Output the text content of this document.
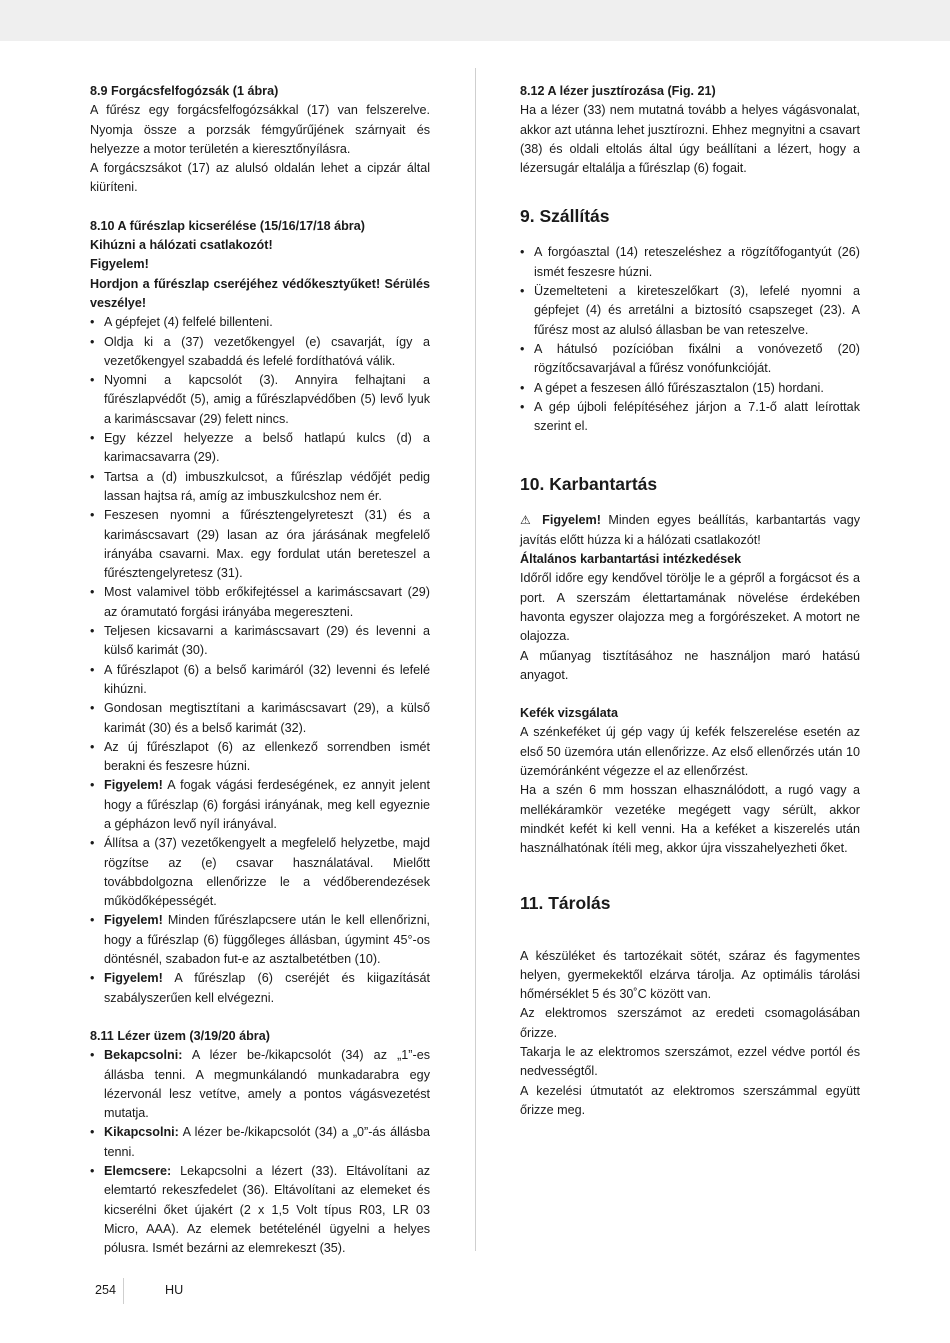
8.9 Forgácsfelfogózsák (1 ábra)

A fűrész egy forgácsfelfogózsákkal (17) van felszerelve. Nyomja össze a porzsák fémgyűrűjének szárnyait és helyezze a motor területén a kieresztőnyílásra.

A forgácszsákot (17) az alulsó oldalán lehet a cipzár által kiüríteni.

8.10 A fűrészlap kicserélése (15/16/17/18 ábra)

Kihúzni a hálózati csatlakozót!

Figyelem!

Hordjon a fűrészlap cseréjéhez védőkesztyűket! Sérülés veszélye!

• A gépfejet (4) felfelé billenteni.
• Oldja ki a (37) vezetőkengyel (e) csavarját, így a vezetőkengyel szabaddá és lefelé fordíthatóvá válik.
• Nyomni a kapcsolót (3). Annyira felhajtani a fűrészlapvédőt (5), amig a fűrészlapvédőben (5) levő lyuk a karimáscsavar (29) felett nincs.
• Egy kézzel helyezze a belső hatlapú kulcs (d) a karimacsavarra (29).
• Tartsa a (d) imbuszkulcsot, a fűrészlap védőjét pedig lassan hajtsa rá, amíg az imbuszkulcshoz nem ér.
• Feszesen nyomni a fűrésztengelyreteszt (31) és a karimáscsavart (29) lasan az óra járásának megfelelő irányába csavarni. Max. egy fordulat után bereteszel a fűrésztengelyretesz (31).
• Most valamivel több erőkifejtéssel a karimáscsavart (29) az óramutató forgási irányába megereszteni.
• Teljesen kicsavarni a karimáscsavart (29) és levenni a külső karimát (30).
• A fűrészlapot (6) a belső karimáról (32) levenni és lefelé kihúzni.
• Gondosan megtisztítani a karimáscsavart (29), a külső karimát (30) és a belső karimát (32).
• Az új fűrészlapot (6) az ellenkező sorrendben ismét berakni és feszesre húzni.
• Figyelem! A fogak vágási ferdeségének, ez annyit jelent hogy a fűrészlap (6) forgási irányának, meg kell egyeznie a gépházon levő nyíl irányával.
• Állítsa a (37) vezetőkengyelt a megfelelő helyzetbe, majd rögzítse az (e) csavar használatával. Mielőtt továbbdolgozna ellenőrizze le a védőberendezések működőképességét.
• Figyelem! Minden fűrészlapcsere után le kell ellenőrizni, hogy a fűrészlap (6) függőleges állásban, úgymint 45°-os döntésnél, szabadon fut-e az asztalbetétben (10).
• Figyelem! A fűrészlap (6) cseréjét és kiigazítását szabályszerűen kell elvégezni.

8.11 Lézer üzem (3/19/20 ábra)

• Bekapcsolni: A lézer be-/kikapcsolót (34) az „1”-es állásba tenni. A megmunkálandó munkadarabra egy lézervonál lesz vetítve, amely a pontos vágásvezetést mutatja.
• Kikapcsolni: A lézer be-/kikapcsolót (34) a „0”-ás állásba tenni.
• Elemcsere: Lekapcsolni a lézert (33). Eltávolítani az elemtartó rekeszfedelet (36). Eltávolítani az elemeket és kicserélni őket újakért (2 x 1,5 Volt típus R03, LR 03 Micro, AAA). Az elemek betételénél ügyelni a helyes pólusra. Ismét bezárni az elemrekeszt (35).

8.12 A lézer jusztírozása (Fig. 21)

Ha a lézer (33) nem mutatná tovább a helyes vágásvonalat, akkor azt utánna lehet jusztírozni. Ehhez megnyitni a csavart (38) és oldali eltolás által úgy beállítani a lézert, hogy a lézersugár eltalálja a fűrészlap (6) fogait.

9. Szállítás
• A forgóasztal (14) reteszeléshez a rögzítőfogantyút (26) ismét feszesre húzni.
• Üzemelteteni a kireteszelőkart (3), lefelé nyomni a gépfejet (4) és arretálni a biztosító csapszeget (23). A fűrész most az alulsó állasban be van reteszelve.
• A hátulsó pozícióban fixálni a vonóvezető (20) rögzítőcsavarjával a fűrész vonófunkcióját.
• A gépet a feszesen álló fűrészasztalon (15) hordani.
• A gép újboli felépítéséhez járjon a 7.1-ő alatt leírottak szerint el.
10. Karbantartás

⚠ Figyelem! Minden egyes beállítás, karbantartás vagy javítás előtt húzza ki a hálózati csatlakozót!

Általános karbantartási intézkedések

Időről időre egy kendővel törölje le a gépről a forgácsot és a port. A szerszám élettartamának növelése érdekében havonta egyszer olajozza meg a forgórészeket. A motort ne olajozza.

A műanyag tisztításához ne használjon maró hatású anyagot.

Kefék vizsgálata

A szénkeféket új gép vagy új kefék felszerelése esetén az első 50 üzemóra után ellenőrizze. Az első ellenőrzés után 10 üzemóránként végezze el az ellenőrzést.

Ha a szén 6 mm hosszan elhasználódott, a rugó vagy a mellékáramkör vezetéke megégett vagy sérült, akkor mindkét kefét ki kell venni. Ha a keféket a kiszerelés után használhatónak ítéli meg, akkor újra visszahelyezheti őket.

11. Tárolás

A készüléket és tartozékait sötét, száraz és fagymentes helyen, gyermekektől elzárva tárolja. Az optimális tárolási hőmérséklet 5 és 30˚C között van.

Az elektromos szerszámot az eredeti csomagolásában őrizze.

Takarja le az elektromos szerszámot, ezzel védve portól és nedvességtől.

A kezelési útmutatót az elektromos szerszámmal együtt őrizze meg.

254	HU
